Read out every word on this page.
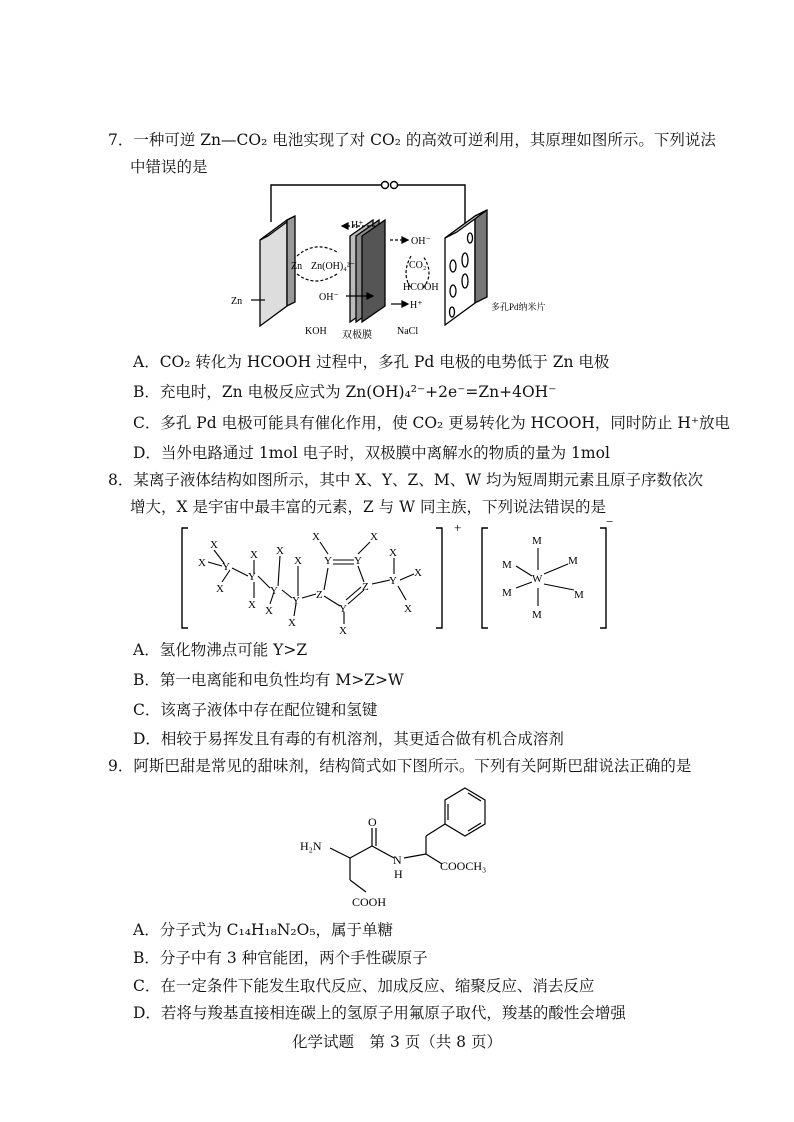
7．一种可逆 Zn—CO₂ 电池实现了对 CO₂ 的高效可逆利用，其原理如图所示。下列说法
中错误的是
H⁺
OH⁻
Zn Zn(OH)₄²⁻	CO₂
HCOOH
OH⁻
H⁺
Zn
KOH 双极膜	NaCl
多孔Pd纳米片
A．CO₂ 转化为 HCOOH 过程中，多孔 Pd 电极的电势低于 Zn 电极
B．充电时，Zn 电极反应式为 Zn(OH)₄²⁻+2e⁻=Zn+4OH⁻
C．多孔 Pd 电极可能具有催化作用，使 CO₂ 更易转化为 HCOOH，同时防止 H⁺放电
D．当外电路通过 1mol 电子时，双极膜中离解水的物质的量为 1mol
8．某离子液体结构如图所示，其中 X、Y、Z、M、W 均为短周期元素且原子序数依次
增大，X 是宇宙中最丰富的元素，Z 与 W 同主族，下列说法错误的是
+	−
X
X Y
X
Y
X
X
Y
X
X
Y
X
X
Z
Y Y
Z
Y
X	X
X
Y
X
X
X
W
M
M
M
M
M
M
A．氢化物沸点可能 Y>Z
B．第一电离能和电负性均有 M>Z>W
C．该离子液体中存在配位键和氢键
D．相较于易挥发且有毒的有机溶剂，其更适合做有机合成溶剂
9．阿斯巴甜是常见的甜味剂，结构简式如下图所示。下列有关阿斯巴甜说法正确的是
H₂N
O
N
H
COOCH₃
COOH
A．分子式为 C₁₄H₁₈N₂O₅，属于单糖
B．分子中有 3 种官能团，两个手性碳原子
C．在一定条件下能发生取代反应、加成反应、缩聚反应、消去反应
D．若将与羧基直接相连碳上的氢原子用氟原子取代，羧基的酸性会增强
化学试题　第 3 页（共 8 页）
